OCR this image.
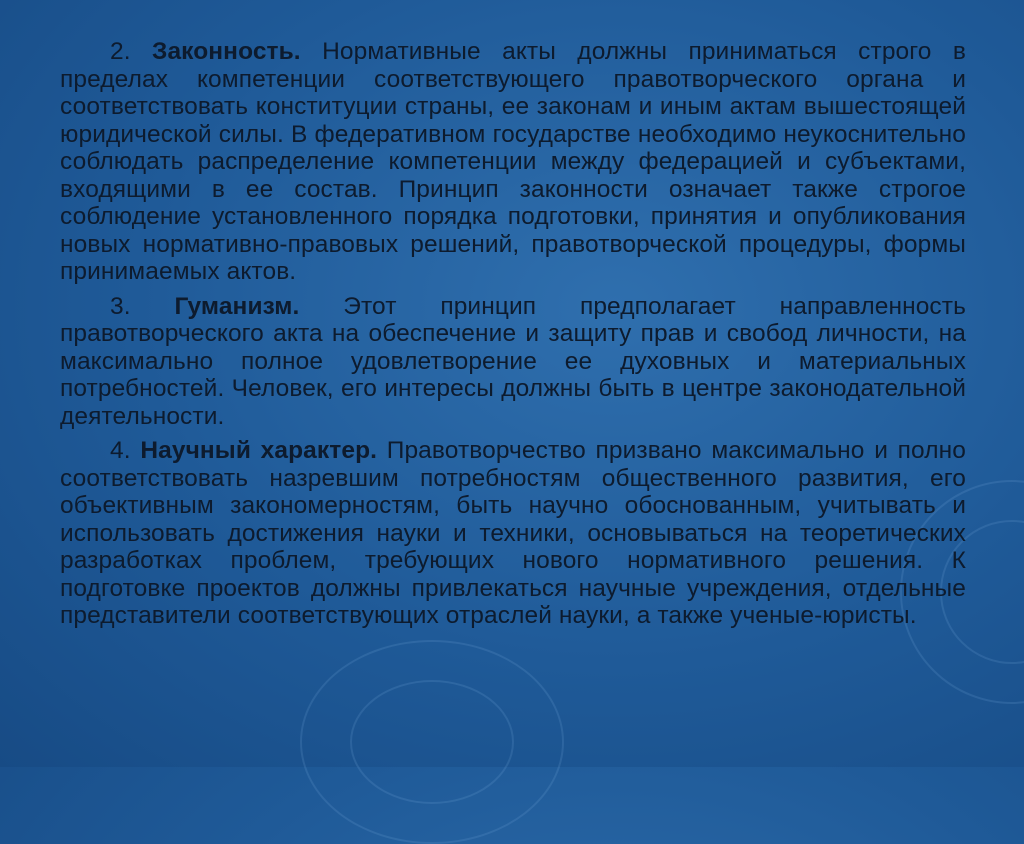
2. Законность. Нормативные акты должны приниматься строго в пределах компетенции соответствующего правотворческого органа и соответствовать конституции страны, ее законам и иным актам вышестоящей юридической силы. В федеративном государстве необходимо неукоснительно соблюдать распределение компетенции между федерацией и субъектами, входящими в ее состав. Принцип законности означает также строгое соблюдение установленного порядка подготовки, принятия и опубликования новых нормативно-правовых решений, правотворческой процедуры, формы принимаемых актов.

3. Гуманизм. Этот принцип предполагает направленность правотворческого акта на обеспечение и защиту прав и свобод личности, на максимально полное удовлетворение ее духовных и материальных потребностей. Человек, его интересы должны быть в центре законодательной деятельности.

4. Научный характер. Правотворчество призвано максимально и полно соответствовать назревшим потребностям общественного развития, его объективным закономерностям, быть научно обоснованным, учитывать и использовать достижения науки и техники, основываться на теоретических разработках проблем, требующих нового нормативного решения. К подготовке проектов должны привлекаться научные учреждения, отдельные представители соответствующих отраслей науки, а также ученые-юристы.
